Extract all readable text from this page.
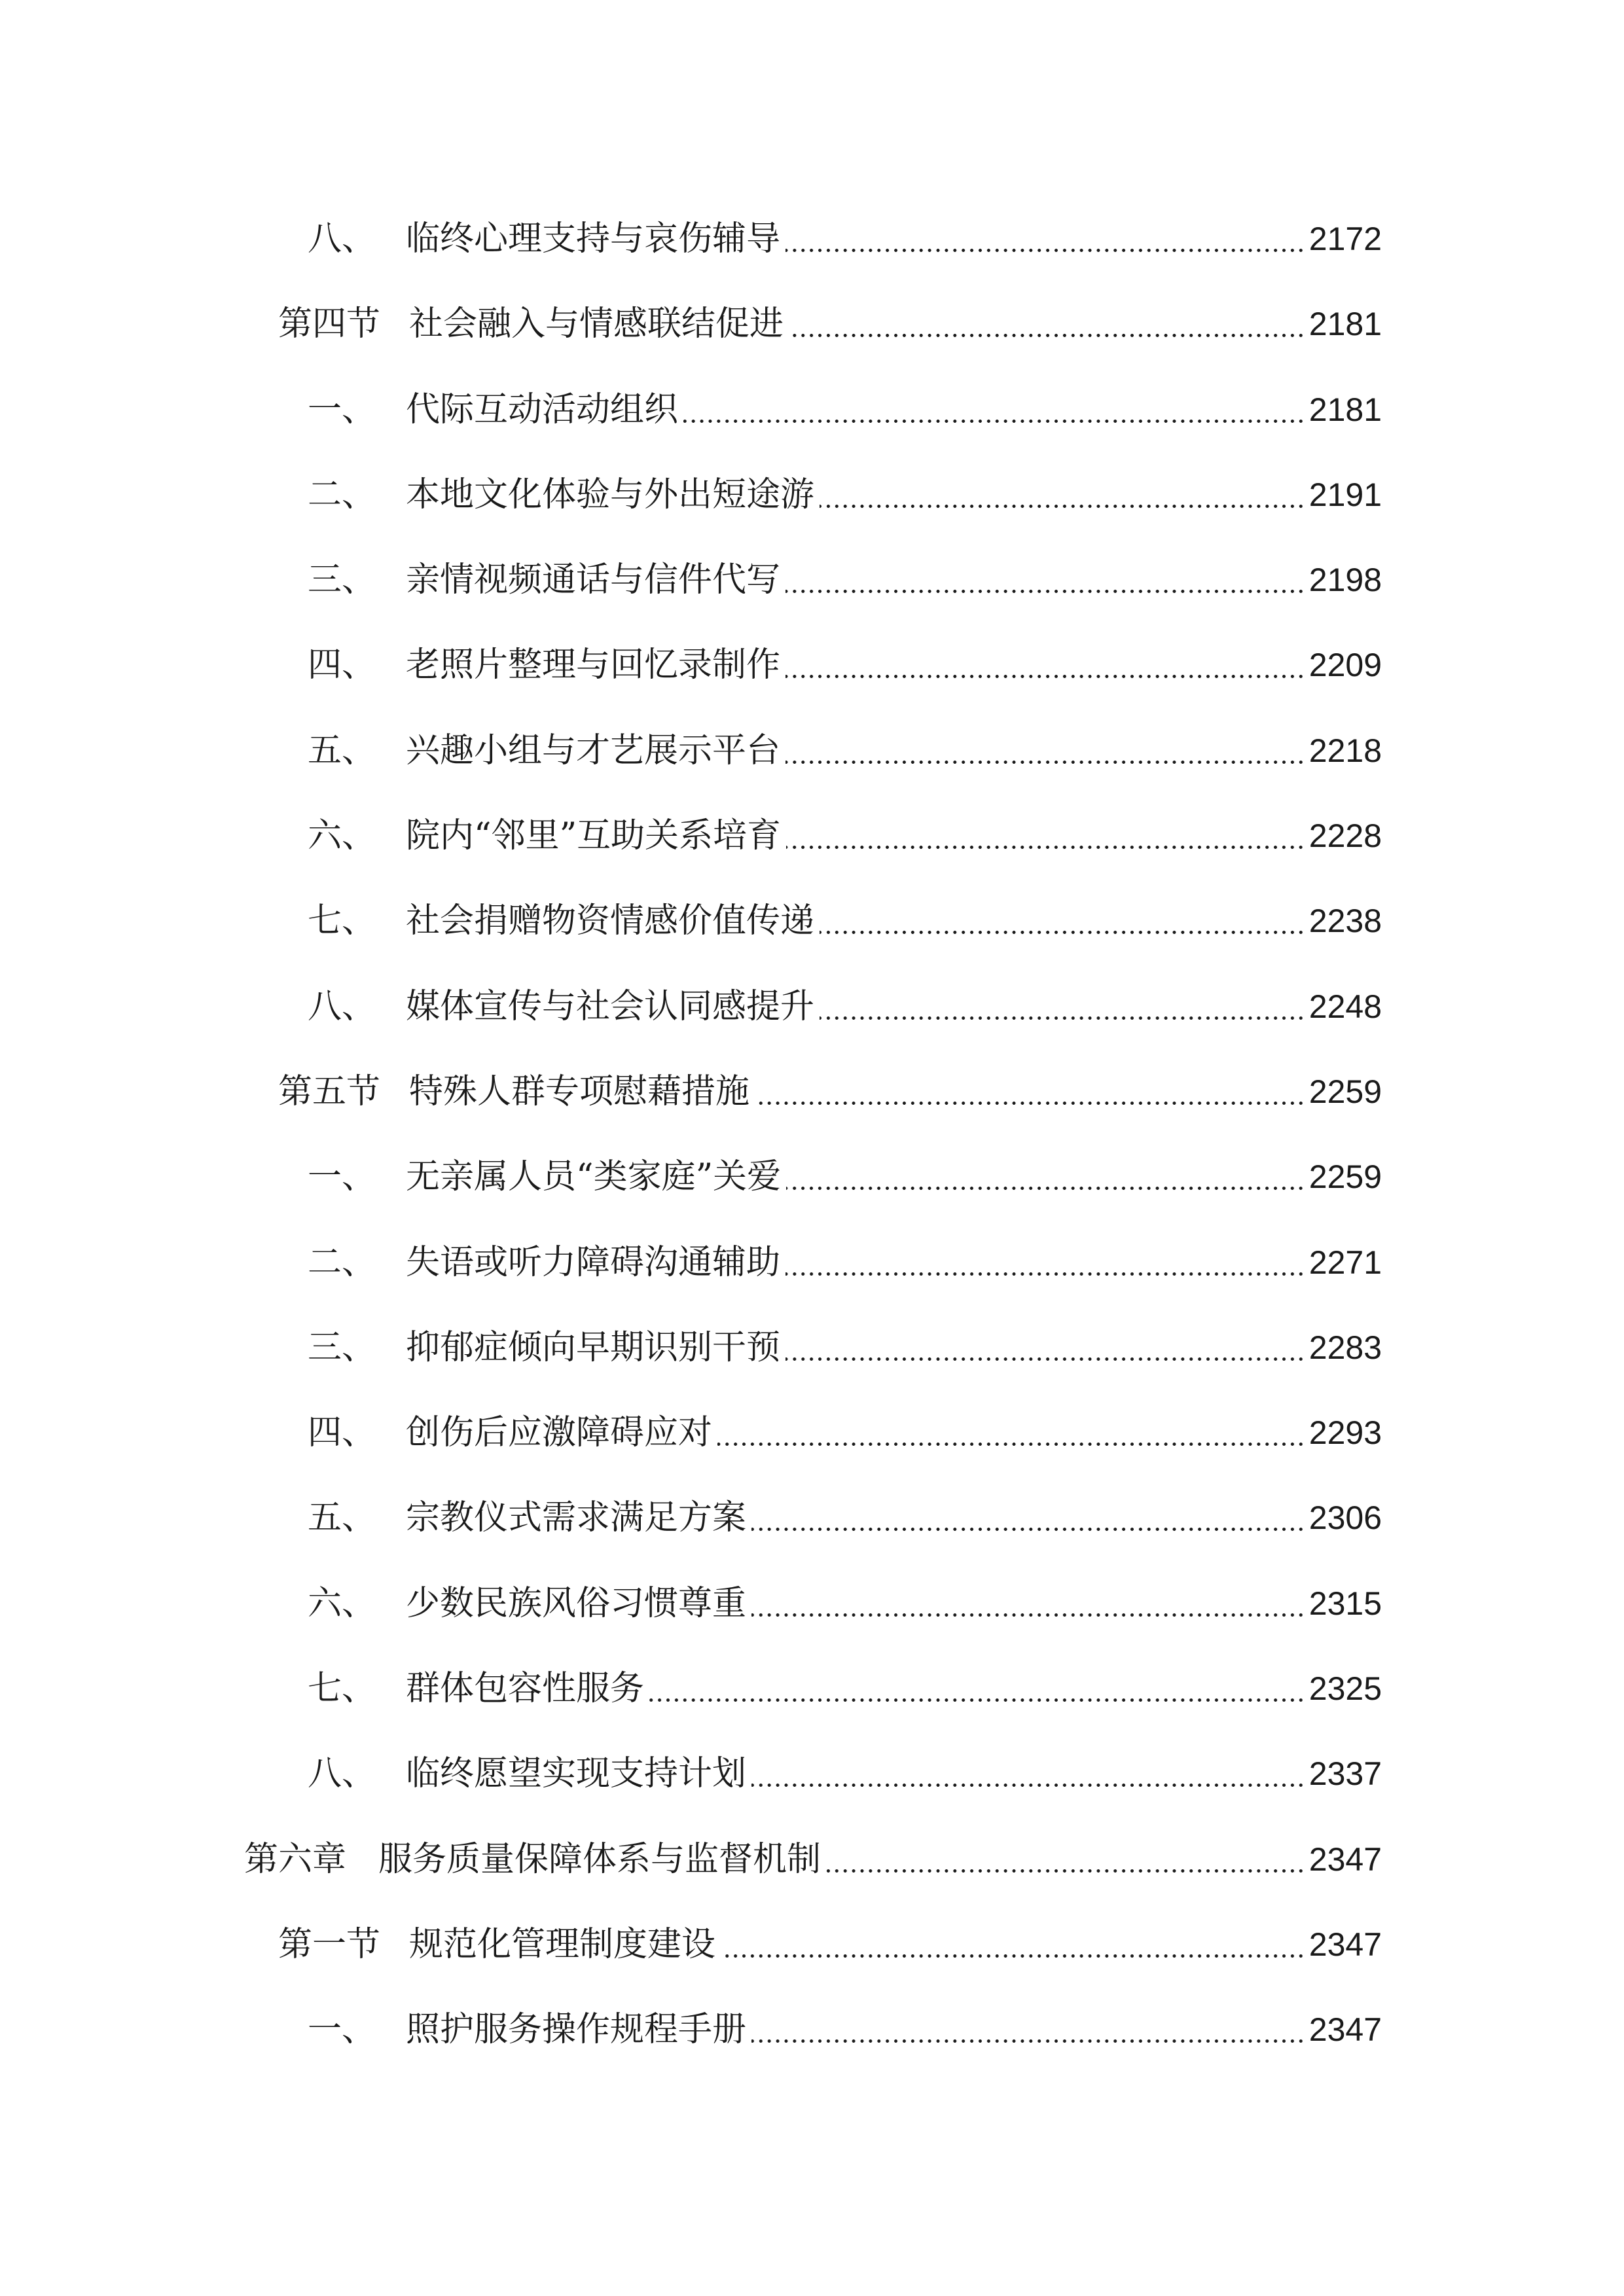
八、 临终心理支持与哀伤辅导	2172
第四节 社会融入与情感联结促进	2181
一、 代际互动活动组织	2181
二、 本地文化体验与外出短途游	2191
三、 亲情视频通话与信件代写	2198
四、 老照片整理与回忆录制作	2209
五、 兴趣小组与才艺展示平台	2218
六、 院内“邻里”互助关系培育	2228
七、 社会捐赠物资情感价值传递	2238
八、 媒体宣传与社会认同感提升	2248
第五节 特殊人群专项慰藉措施	2259
一、 无亲属人员“类家庭”关爱	2259
二、 失语或听力障碍沟通辅助	2271
三、 抑郁症倾向早期识别干预	2283
四、 创伤后应激障碍应对	2293
五、 宗教仪式需求满足方案	2306
六、 少数民族风俗习惯尊重	2315
七、 群体包容性服务	2325
八、 临终愿望实现支持计划	2337
第六章 服务质量保障体系与监督机制	2347
第一节 规范化管理制度建设	2347
一、 照护服务操作规程手册	2347
